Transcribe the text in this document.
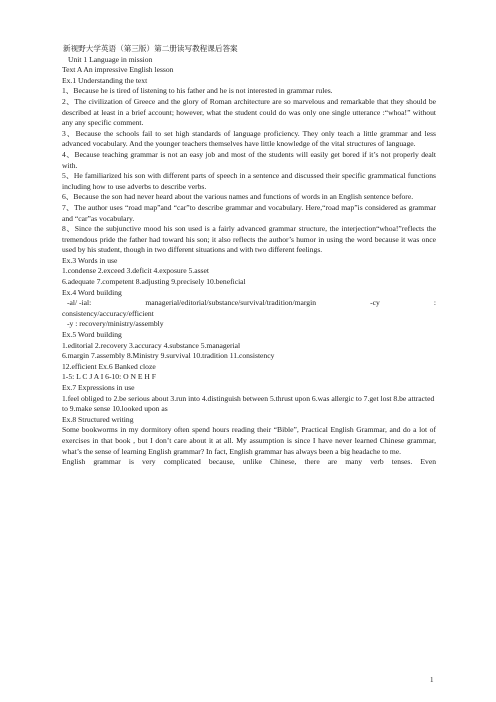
新视野大学英语（第三版）第二册读写教程课后答案

Unit 1 Language in mission

Text A An impressive English lesson

Ex.1 Understanding the text

1、Because he is tired of listening to his father and he is not interested in grammar rules.

2、The civilization of Greece and the glory of Roman architecture are so marvelous and remarkable that they should be described at least in a brief account; however, what the student could do was only one single utterance :“whoa!” without any any specific comment.

3、Because the schools fail to set high standards of language proficiency. They only teach a little grammar and less advanced vocabulary. And the younger teachers themselves have little knowledge of the vital structures of language.

4、Because teaching grammar is not an easy job and most of the students will easily get bored if it’s not properly dealt with.

5、He familiarized his son with different parts of speech in a sentence and discussed their specific grammatical functions including how to use adverbs to describe verbs.

6、Because the son had never heard about the various names and functions of words in an English sentence before.

7、The author uses “road map”and “car”to describe grammar and vocabulary. Here,“road map”is considered as grammar and “car”as vocabulary.

8、Since the subjunctive mood his son used is a fairly advanced grammar structure, the interjection“whoa!”reflects the tremendous pride the father had toward his son; it also reflects the author’s humor in using the word because it was once used by his student, though in two different situations and with two different feelings.

Ex.3 Words in use

1.condense 2.exceed 3.deficit 4.exposure 5.asset

6.adequate 7.competent 8.adjusting 9.precisely 10.beneficial

Ex.4 Word building

-al/ -ial:	managerial/editorial/substance/survival/tradition/margin	-cy	:

consistency/accuracy/efficient

-y : recovery/ministry/assembly

Ex.5 Word building

1.editorial 2.recovery 3.accuracy 4.substance 5.managerial

6.margin 7.assembly 8.Ministry 9.survival 10.tradition 11.consistency

12.efficient Ex.6 Banked cloze

1-5: L C J A I 6-10: O N E H F

Ex.7 Expressions in use

1.feel obliged to 2.be serious about 3.run into 4.distinguish between 5.thrust upon 6.was allergic to 7.get lost 8.be attracted to 9.make sense 10.looked upon as

Ex.8 Structured writing

Some bookworms in my dormitory often spend hours reading their “Bible”, Practical English Grammar, and do a lot of exercises in that book , but I don’t care about it at all. My assumption is since I have never learned Chinese grammar, what’s the sense of learning English grammar? In fact, English grammar has always been a big headache to me.

English grammar is very complicated because, unlike Chinese, there are many verb tenses. Even

1
